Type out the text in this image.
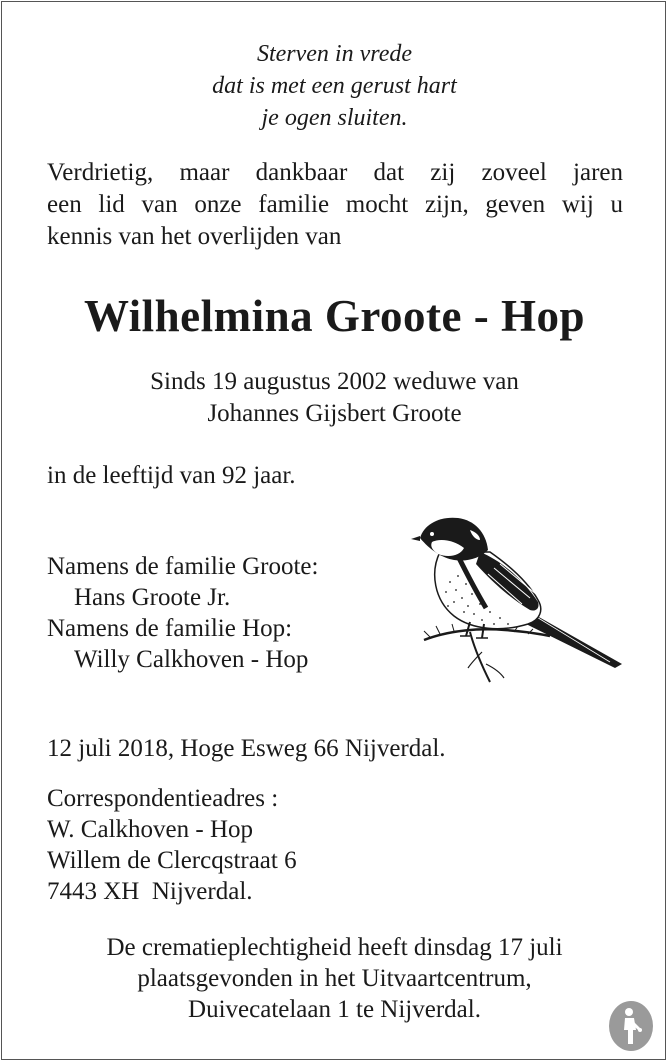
Sterven in vrede
dat is met een gerust hart
je ogen sluiten.
Verdrietig, maar dankbaar dat zij zoveel jaren
een lid van onze familie mocht zijn, geven wij u
kennis van het overlijden van
Wilhelmina Groote - Hop
Sinds 19 augustus 2002 weduwe van
Johannes Gijsbert Groote
in de leeftijd van 92 jaar.
Namens de familie Groote:
Hans Groote Jr.
Namens de familie Hop:
Willy Calkhoven - Hop
12 juli 2018, Hoge Esweg 66 Nijverdal.
Correspondentieadres :
W. Calkhoven - Hop
Willem de Clercqstraat 6
7443 XH  Nijverdal.
De crematieplechtigheid heeft dinsdag 17 juli
plaatsgevonden in het Uitvaartcentrum,
Duivecatelaan 1 te Nijverdal.
